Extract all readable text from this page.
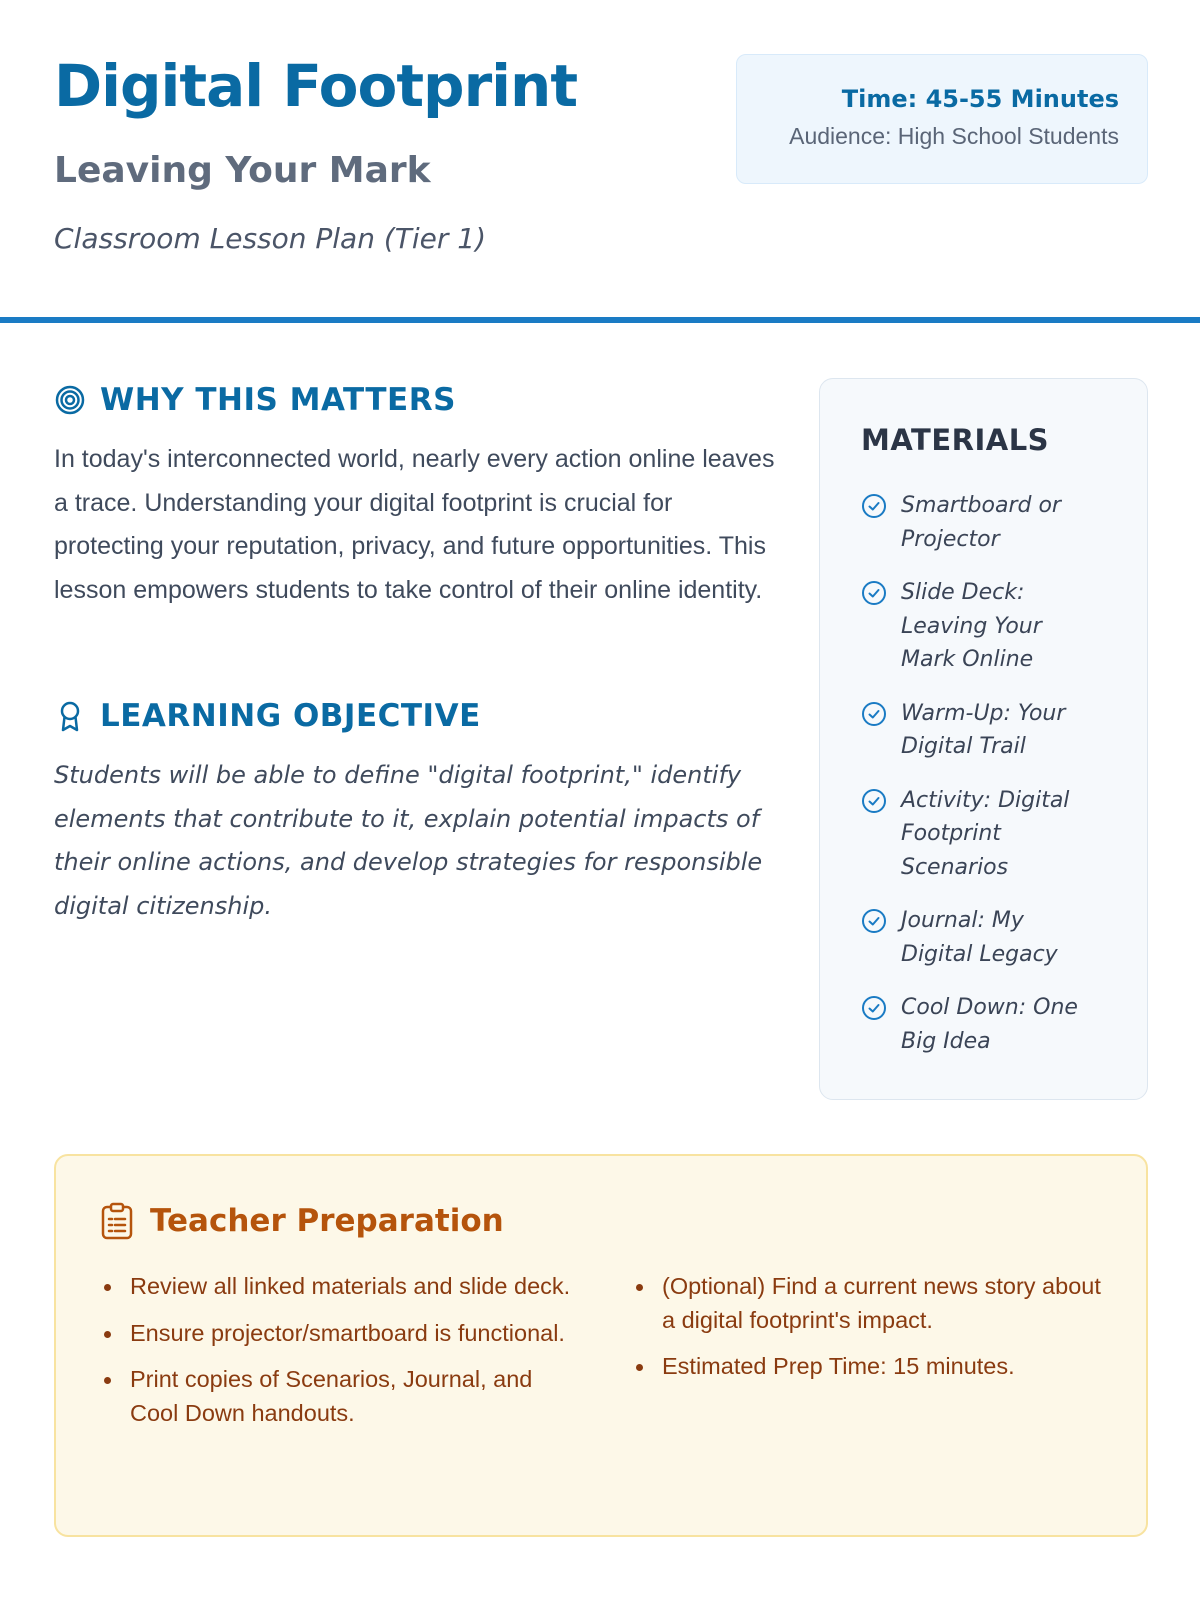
Digital Footprint
Leaving Your Mark
Classroom Lesson Plan (Tier 1)
Time: 45-55 Minutes
Audience: High School Students
WHY THIS MATTERS

In today's interconnected world, nearly every action online leaves a trace. Understanding your digital footprint is crucial for protecting your reputation, privacy, and future opportunities. This lesson empowers students to take control of their online identity.

LEARNING OBJECTIVE

Students will be able to define "digital footprint," identify elements that contribute to it, explain potential impacts of their online actions, and develop strategies for responsible digital citizenship.

MATERIALS
Smartboard or Projector
Slide Deck: Leaving Your Mark Online
Warm-Up: Your Digital Trail
Activity: Digital Footprint Scenarios
Journal: My Digital Legacy
Cool Down: One Big Idea
Teacher Preparation
Review all linked materials and slide deck.
Ensure projector/smartboard is functional.
Print copies of Scenarios, Journal, and Cool Down handouts.
(Optional) Find a current news story about a digital footprint's impact.
Estimated Prep Time: 15 minutes.
